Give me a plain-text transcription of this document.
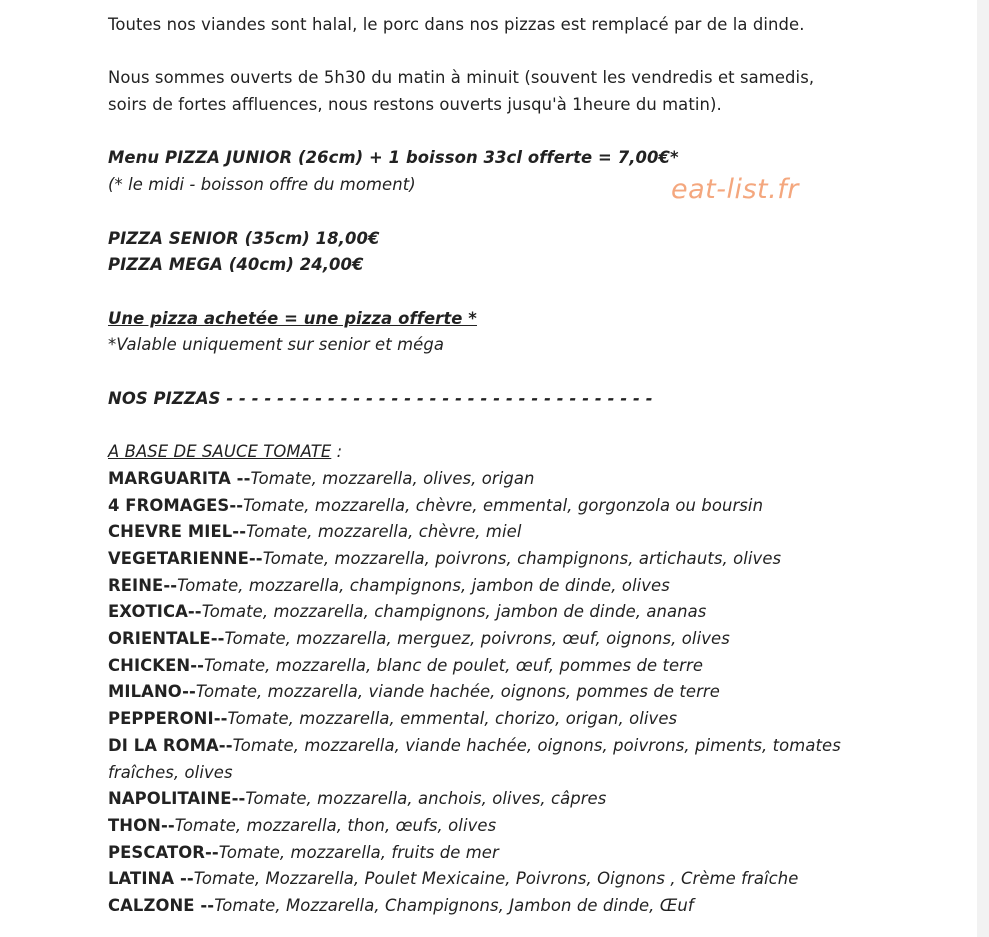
Toutes nos viandes sont halal, le porc dans nos pizzas est remplacé par de la dinde.
Nous sommes ouverts de 5h30 du matin à minuit (souvent les vendredis et samedis,
soirs de fortes affluences, nous restons ouverts jusqu'à 1heure du matin).
Menu PIZZA JUNIOR (26cm) + 1 boisson 33cl offerte = 7,00€*
(* le midi - boisson offre du moment)
PIZZA SENIOR (35cm) 18,00€
PIZZA MEGA (40cm) 24,00€
Une pizza achetée = une pizza offerte *
*Valable uniquement sur senior et méga
NOS PIZZAS - - - - - - - - - - - - - - - - - - - - - - - - - - - - - - - - - -
A BASE DE SAUCE TOMATE :
MARGUARITA --Tomate, mozzarella, olives, origan
4 FROMAGES--Tomate, mozzarella, chèvre, emmental, gorgonzola ou boursin
CHEVRE MIEL--Tomate, mozzarella, chèvre, miel
VEGETARIENNE--Tomate, mozzarella, poivrons, champignons, artichauts, olives
REINE--Tomate, mozzarella, champignons, jambon de dinde, olives
EXOTICA--Tomate, mozzarella, champignons, jambon de dinde, ananas
ORIENTALE--Tomate, mozzarella, merguez, poivrons, œuf, oignons, olives
CHICKEN--Tomate, mozzarella, blanc de poulet, œuf, pommes de terre
MILANO--Tomate, mozzarella, viande hachée, oignons, pommes de terre
PEPPERONI--Tomate, mozzarella, emmental, chorizo, origan, olives
DI LA ROMA--Tomate, mozzarella, viande hachée, oignons, poivrons, piments, tomates
fraîches, olives
NAPOLITAINE--Tomate, mozzarella, anchois, olives, câpres
THON--Tomate, mozzarella, thon, œufs, olives
PESCATOR--Tomate, mozzarella, fruits de mer
LATINA --Tomate, Mozzarella, Poulet Mexicaine, Poivrons, Oignons , Crème fraîche
CALZONE --Tomate, Mozzarella, Champignons, Jambon de dinde, Œuf
eat-list.fr
